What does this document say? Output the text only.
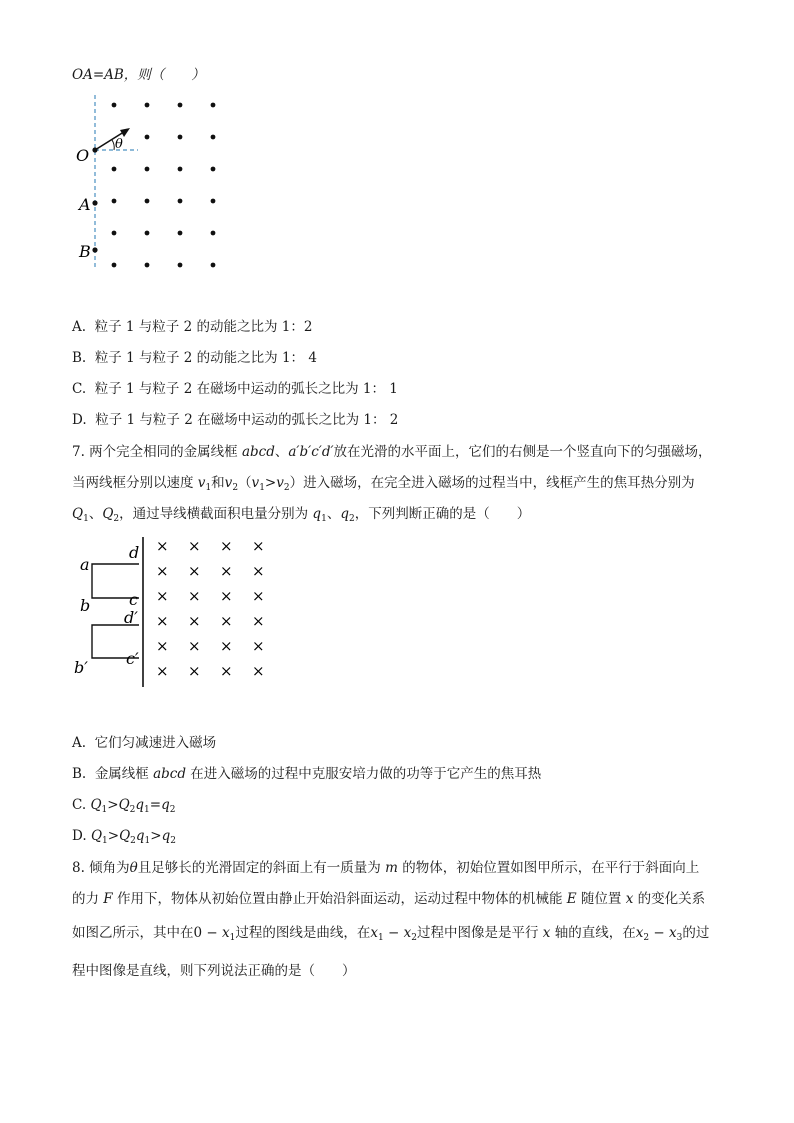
OA=AB，则（　　）
O
A
B
θ
A. 粒子 1 与粒子 2 的动能之比为 1：2
B. 粒子 1 与粒子 2 的动能之比为 1： 4
C. 粒子 1 与粒子 2 在磁场中运动的弧长之比为 1： 1
D. 粒子 1 与粒子 2 在磁场中运动的弧长之比为 1： 2
7. 两个完全相同的金属线框 abcd、a′b′c′d′放在光滑的水平面上，它们的右侧是一个竖直向下的匀强磁场，
当两线框分别以速度 $v_1$和$v_2(v_1>v_2)$进入磁场，在完全进入磁场的过程当中，线框产生的焦耳热分别为
$Q_1$、$Q_2$，通过导线横截面积电量分别为 $q_1$、$q_2$，下列判断正确的是（　　）
a
b
d
c
d′
c′
b′
× × × ×
× × × ×
× × × ×
× × × ×
× × × ×
× × × ×
A. 它们匀减速进入磁场
B. 金属线框 abcd 在进入磁场的过程中克服安培力做的功等于它产生的焦耳热
C. $Q_1>Q_2q_1=q_2$
D. $Q_1>Q_2q_1>q_2$
8. 倾角为θ且足够长的光滑固定的斜面上有一质量为 m 的物体，初始位置如图甲所示，在平行于斜面向上
的力 F 作用下，物体从初始位置由静止开始沿斜面运动，运动过程中物体的机械能 E 随位置 x 的变化关系
如图乙所示，其中在$0 - x_1$过程的图线是曲线，在$x_1 - x_2$过程中图像是是平行 x 轴的直线，在$x_2 - x_3$的过
程中图像是直线，则下列说法正确的是（　　）
